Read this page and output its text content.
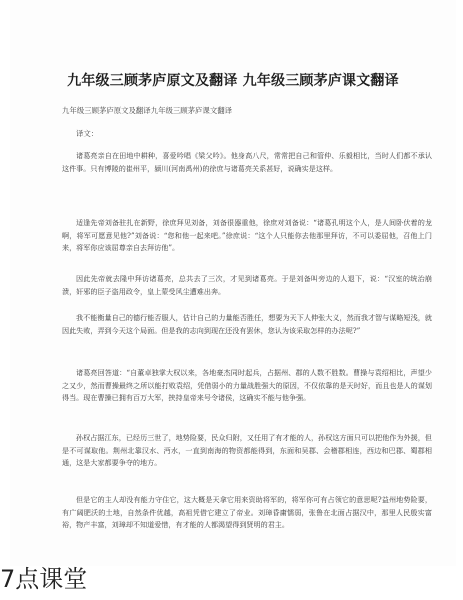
九年级三顾茅庐原文及翻译 九年级三顾茅庐课文翻译
九年级三顾茅庐原文及翻译九年级三顾茅庐课文翻译
译文：

诸葛亮亲自在田地中耕种，喜爱吟唱《梁父吟》。他身高八尺，常常把自己和管仲、乐毅相比，当时人们都不承认这件事。只有博陵的崔州平，颍川(河南禹州)的徐庶与诸葛亮关系甚好，说确实是这样。

适逢先帝刘备驻扎在新野，徐庶拜见刘备，刘备很器重他，徐庶对刘备说：“诸葛孔明这个人，是人间卧伏着的龙啊，将军可愿意见他?”刘备说：“您和他一起来吧。”徐庶说：“这个人只能你去他那里拜访，不可以委屈他，召他上门来，将军你应该屈尊亲自去拜访他”。

因此先帝就去隆中拜访诸葛亮，总共去了三次，才见到诸葛亮。于是刘备叫旁边的人退下，说：“汉室的统治崩溃，奸邪的臣子盗用政令，皇上蒙受风尘遭难出奔。

我不能衡量自己的德行能否服人，估计自己的力量能否胜任，想要为天下人伸张大义，然而我才智与谋略短浅，就因此失败，弄到今天这个局面。但是我的志向到现在还没有罢休，您认为该采取怎样的办法呢?”

诸葛亮回答道：“自董卓独掌大权以来，各地豪杰同时起兵，占据州、郡的人数不胜数。曹操与袁绍相比，声望少之又少，然而曹操最终之所以能打败袁绍，凭借弱小的力量战胜强大的原因，不仅依靠的是天时好，而且也是人的谋划得当。现在曹操已拥有百万大军，挟持皇帝来号令诸侯，这确实不能与他争强。

孙权占据江东，已经历三世了，地势险要，民众归附，又任用了有才能的人，孙权这方面只可以把他作为外援，但是不可谋取他。荆州北靠汉水、沔水，一直到南海的物资都能得到，东面和吴郡、会稽郡相连，西边和巴郡、蜀郡相通，这是大家都要争夺的地方。

但是它的主人却没有能力守住它，这大概是天拿它用来资助将军的，将军你可有占领它的意思呢?益州地势险要，有广阔肥沃的土地，自然条件优越，高祖凭借它建立了帝业。刘璋昏庸懦弱，张鲁在北面占据汉中，那里人民殷实富裕，物产丰富，刘璋却不知道爱惜，有才能的人都渴望得到贤明的君主。

7点课堂
